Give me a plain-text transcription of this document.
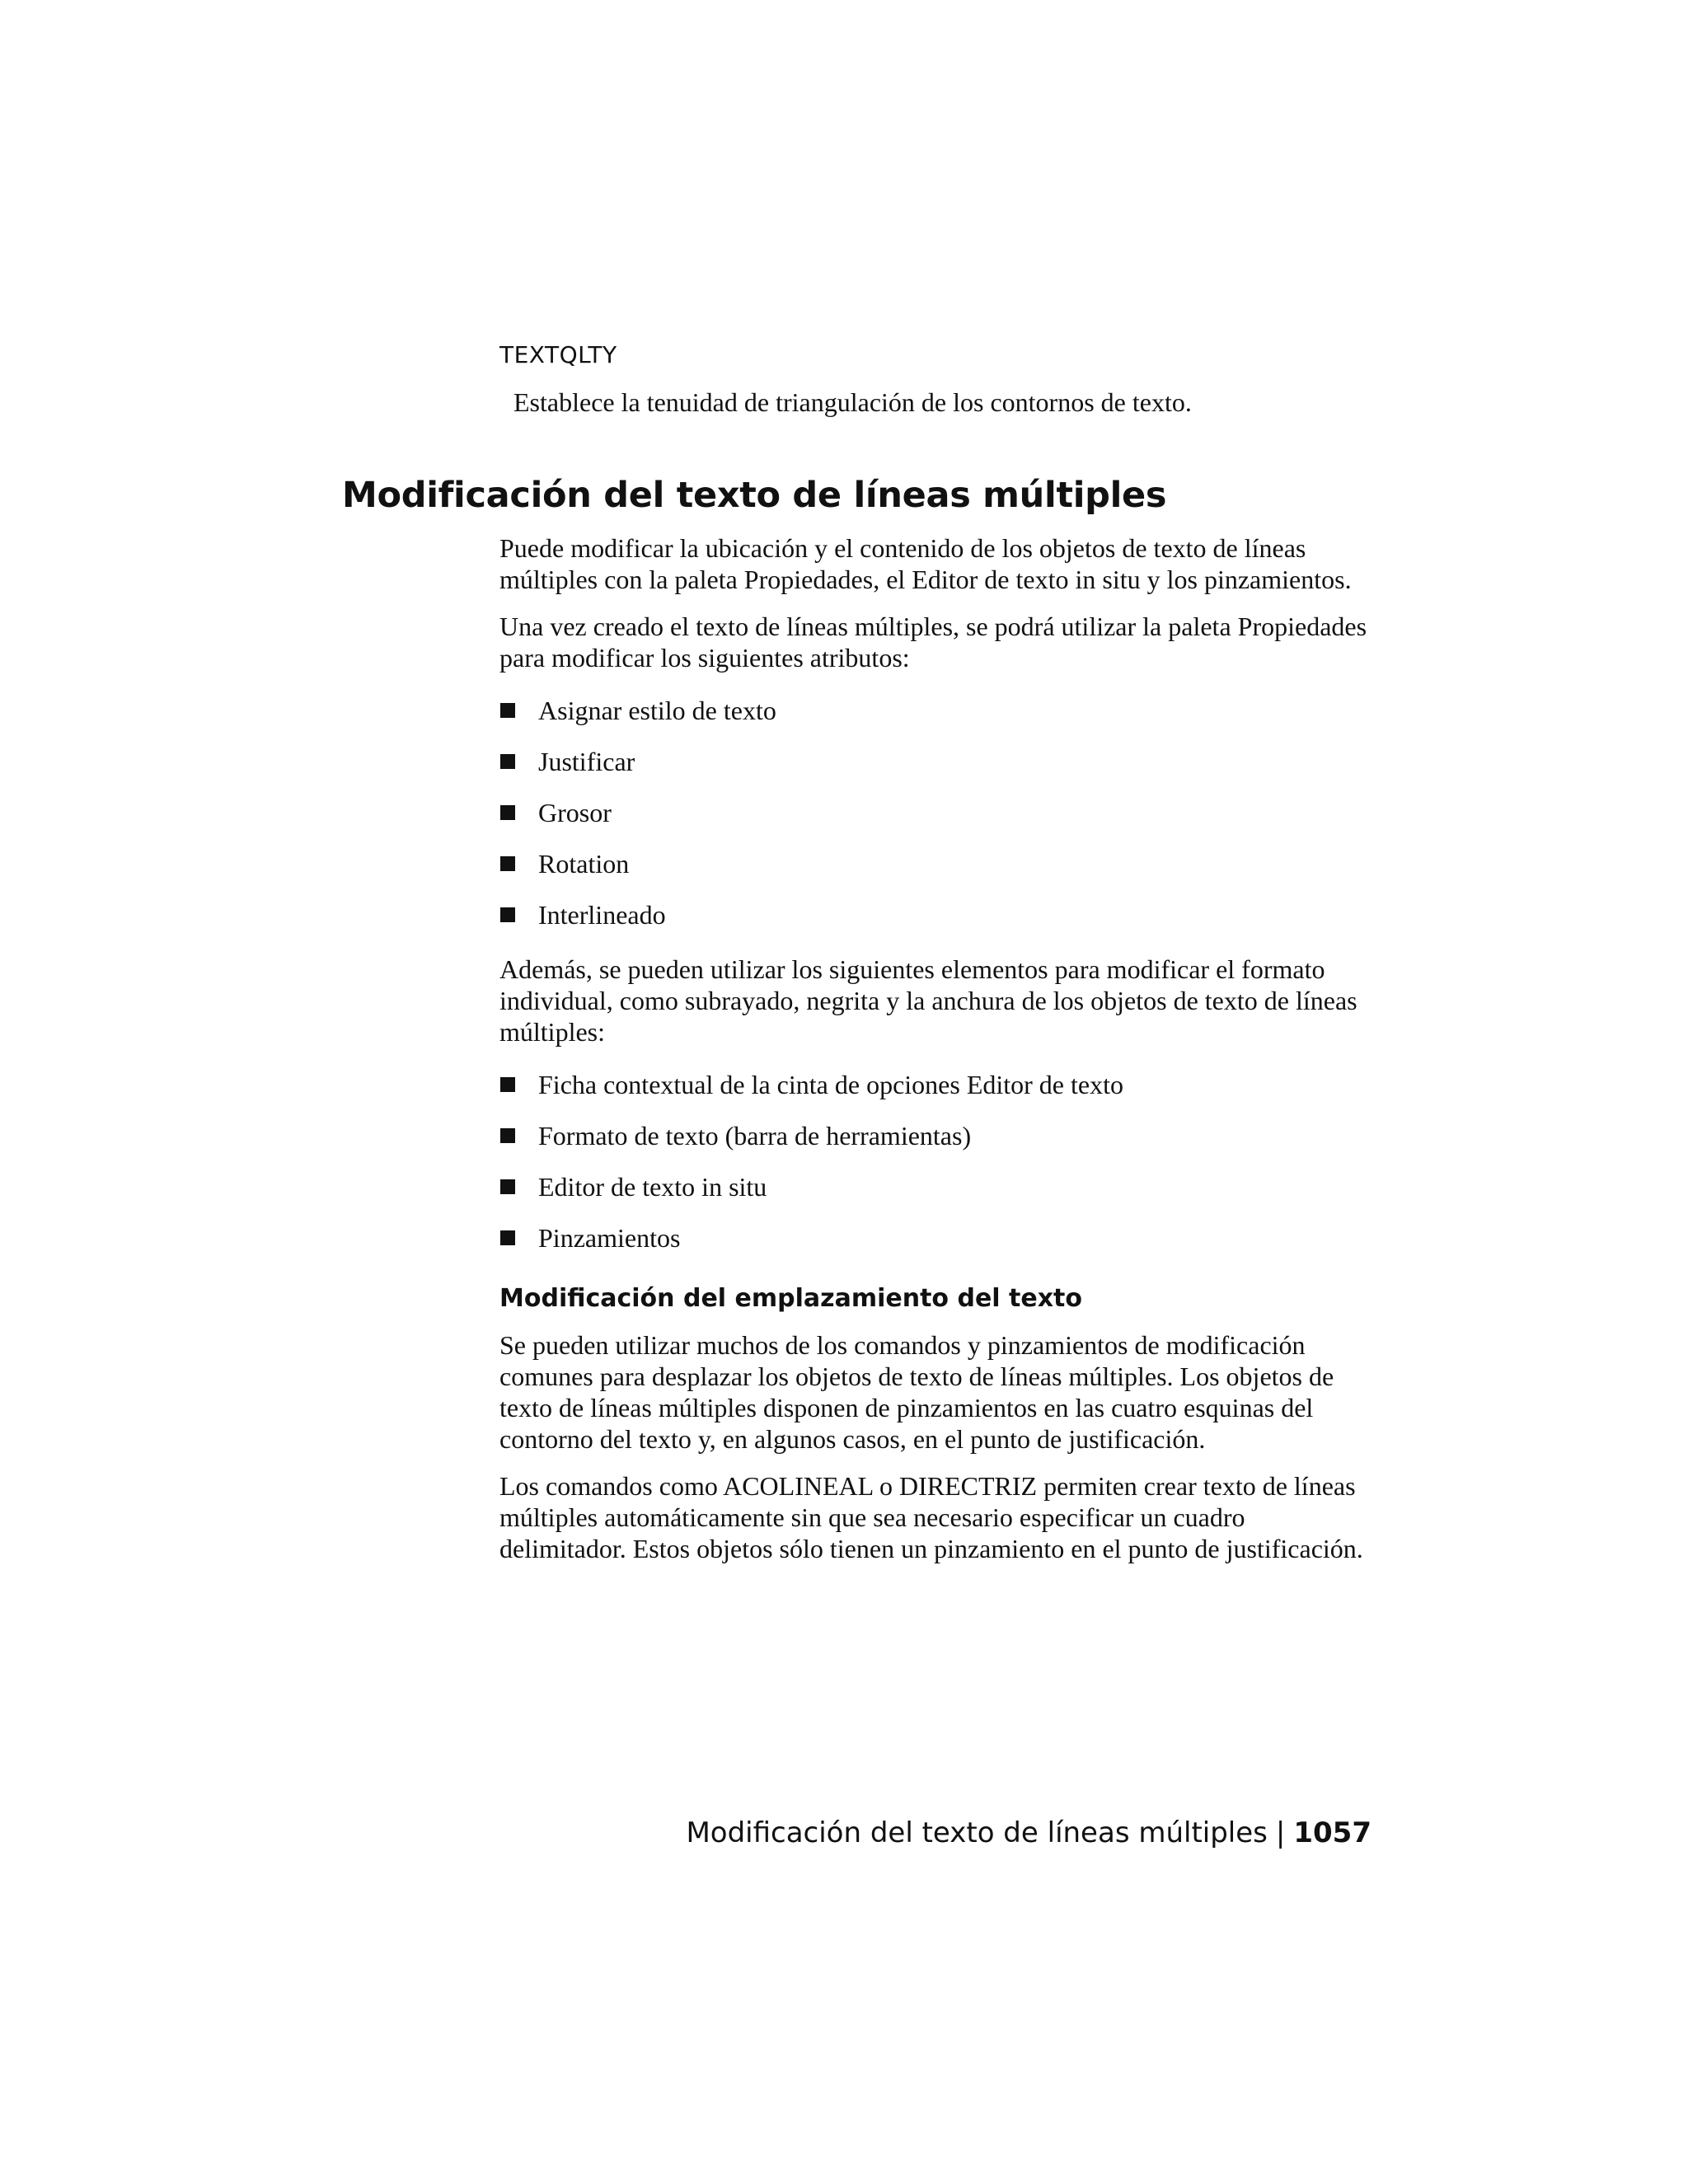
TEXTQLTY

Establece la tenuidad de triangulación de los contornos de texto.

Modificación del texto de líneas múltiples

Puede modificar la ubicación y el contenido de los objetos de texto de líneas múltiples con la paleta Propiedades, el Editor de texto in situ y los pinzamientos.

Una vez creado el texto de líneas múltiples, se podrá utilizar la paleta Propiedades para modificar los siguientes atributos:

Asignar estilo de texto
Justificar
Grosor
Rotation
Interlineado

Además, se pueden utilizar los siguientes elementos para modificar el formato individual, como subrayado, negrita y la anchura de los objetos de texto de líneas múltiples:

Ficha contextual de la cinta de opciones Editor de texto
Formato de texto (barra de herramientas)
Editor de texto in situ
Pinzamientos
Modificación del emplazamiento del texto

Se pueden utilizar muchos de los comandos y pinzamientos de modificación comunes para desplazar los objetos de texto de líneas múltiples. Los objetos de texto de líneas múltiples disponen de pinzamientos en las cuatro esquinas del contorno del texto y, en algunos casos, en el punto de justificación.

Los comandos como ACOLINEAL o DIRECTRIZ permiten crear texto de líneas múltiples automáticamente sin que sea necesario especificar un cuadro delimitador. Estos objetos sólo tienen un pinzamiento en el punto de justificación.

Modificación del texto de líneas múltiples | 1057
